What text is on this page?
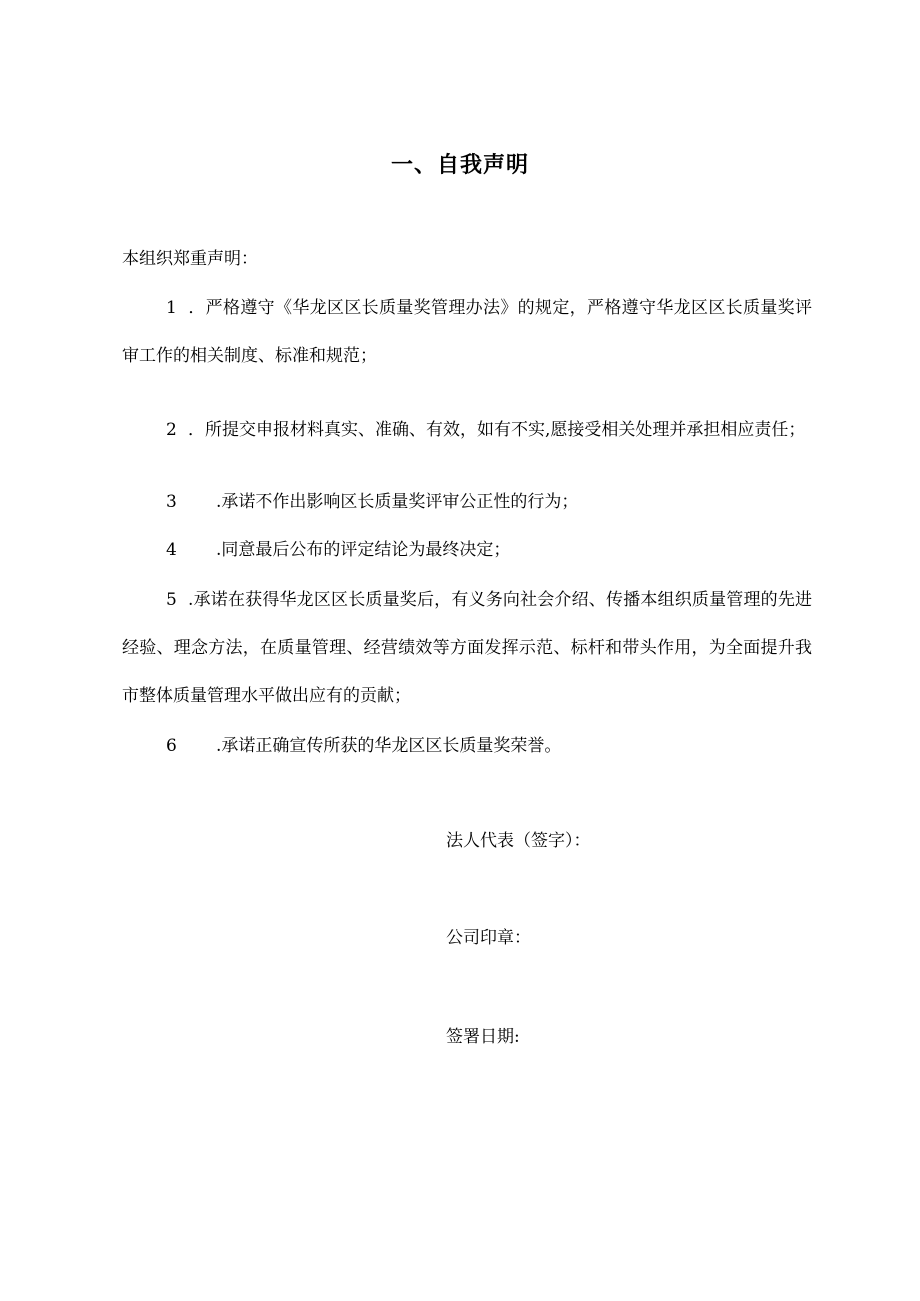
一、自我声明
本组织郑重声明：
1 ．严格遵守《华龙区区长质量奖管理办法》的规定，严格遵守华龙区区长质量奖评审工作的相关制度、标准和规范；
2 ．所提交申报材料真实、准确、有效，如有不实,愿接受相关处理并承担相应责任；
3 .承诺不作出影响区长质量奖评审公正性的行为；
4 .同意最后公布的评定结论为最终决定；
5 .承诺在获得华龙区区长质量奖后，有义务向社会介绍、传播本组织质量管理的先进经验、理念方法，在质量管理、经营绩效等方面发挥示范、标杆和带头作用，为全面提升我市整体质量管理水平做出应有的贡献；
6 .承诺正确宣传所获的华龙区区长质量奖荣誉。
法人代表（签字）：
公司印章：
签署日期:
